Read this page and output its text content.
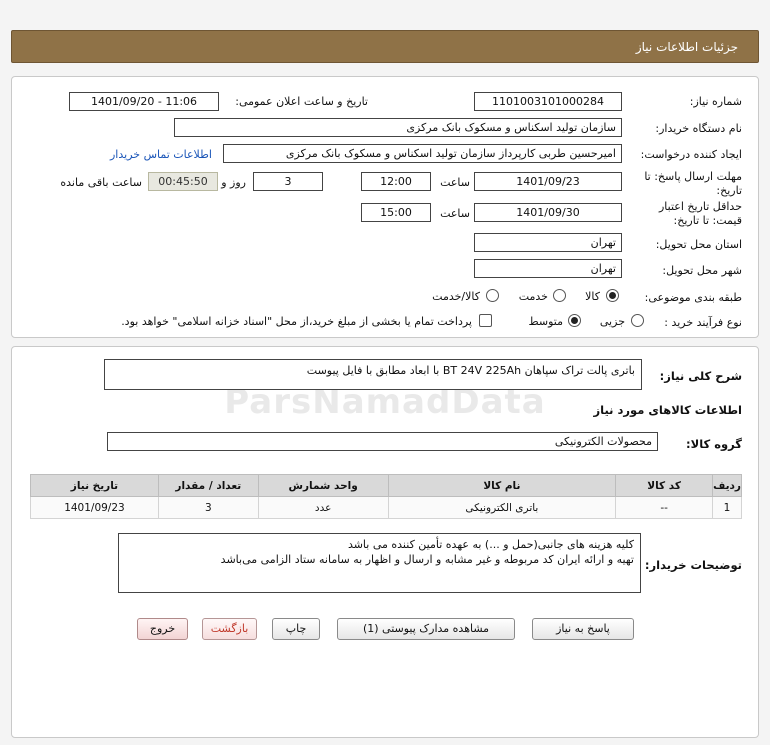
جزئیات اطلاعات نیاز
شماره نیاز:
1101003101000284
تاریخ و ساعت اعلان عمومی:
1401/09/20 - 11:06
نام دستگاه خریدار:
سازمان تولید اسکناس و مسکوک بانک مرکزی
ایجاد کننده درخواست:
امیرحسین طربی کارپرداز سازمان تولید اسکناس و مسکوک بانک مرکزی
اطلاعات تماس خریدار
مهلت ارسال پاسخ: تا
تاریخ:
1401/09/23
ساعت
12:00
3
روز و
00:45:50
ساعت باقی مانده
حداقل تاریخ اعتبار
قیمت: تا تاریخ:
1401/09/30
ساعت
15:00
استان محل تحویل:
تهران
شهر محل تحویل:
تهران
طبقه بندی موضوعی:
کالا
خدمت
کالا/خدمت
نوع فرآیند خرید :
جزیی
متوسط
پرداخت تمام یا بخشی از مبلغ خرید،از محل "اسناد خزانه اسلامی" خواهد بود.
شرح کلی نیاز:
باتری پالت تراک سپاهان BT 24V 225Ah با ابعاد مطابق با فایل پیوست
اطلاعات کالاهای مورد نیاز
گروه کالا:
محصولات الکترونیکی
ردیف	کد کالا	نام کالا	واحد شمارش	تعداد / مقدار	تاریخ نیاز
1	--	باتری الکترونیکی	عدد	3	1401/09/23
توضیحات خریدار:
کلیه هزینه های جانبی(حمل و ...) به عهده تأمین کننده می باشد
تهیه و ارائه ایران کد مربوطه و غیر مشابه و ارسال و اظهار به سامانه ستاد الزامی می‌باشد
پاسخ به نیاز
مشاهده مدارک پیوستی (1)
چاپ
بازگشت
خروج
